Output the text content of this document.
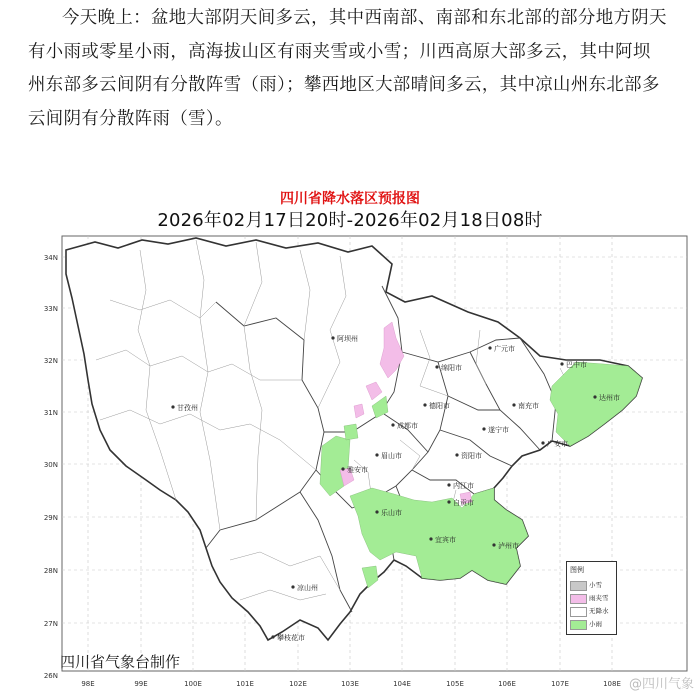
今天晚上：盆地大部阴天间多云，其中西南部、南部和东北部的部分地方阴天有小雨或零星小雨，高海拔山区有雨夹雪或小雪；川西高原大部多云，其中阿坝州东部多云间阴有分散阵雪（雨）；攀西地区大部晴间多云，其中凉山州东北部多云间阴有分散阵雨（雪）。
四川省降水落区预报图
2026年02月17日20时-2026年02月18日08时
34N
33N
32N
31N
30N
29N
28N
27N
26N
98E	99E	100E	101E	102E	103E	104E	105E	106E	107E	108E
阿坝州
甘孜州
绵阳市
广元市
巴中市
达州市
南充市
德阳市
遂宁市
广安市
成都市
资阳市
内江市
自贡市
眉山市
雅安市
乐山市
宜宾市
泸州市
凉山州
攀枝花市
图例
小雪
雨夹雪
无降水
小雨
四川省气象台制作
@四川气象
